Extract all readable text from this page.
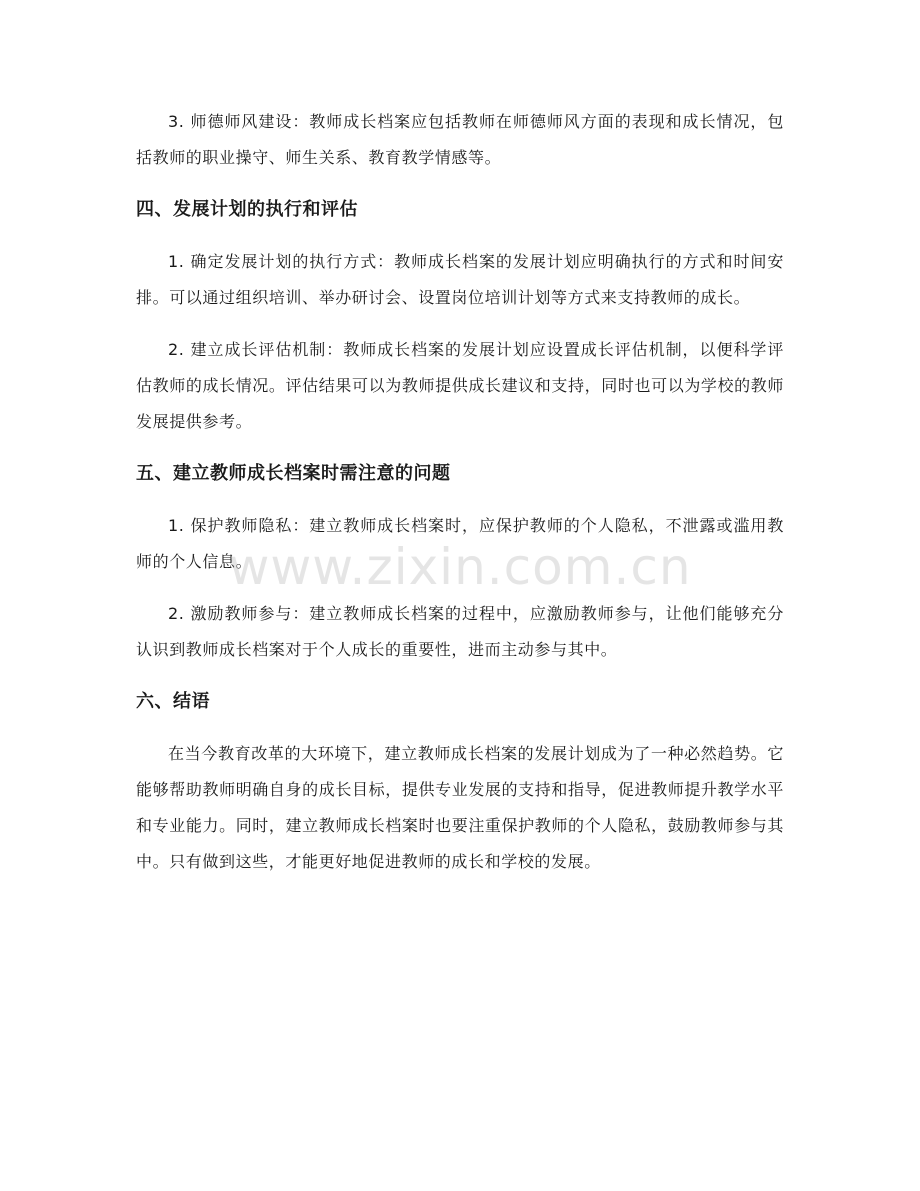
3. 师德师风建设：教师成长档案应包括教师在师德师风方面的表现和成长情况，包括教师的职业操守、师生关系、教育教学情感等。

四、发展计划的执行和评估

1. 确定发展计划的执行方式：教师成长档案的发展计划应明确执行的方式和时间安排。可以通过组织培训、举办研讨会、设置岗位培训计划等方式来支持教师的成长。

2. 建立成长评估机制：教师成长档案的发展计划应设置成长评估机制，以便科学评估教师的成长情况。评估结果可以为教师提供成长建议和支持，同时也可以为学校的教师发展提供参考。

五、建立教师成长档案时需注意的问题

1. 保护教师隐私：建立教师成长档案时，应保护教师的个人隐私，不泄露或滥用教师的个人信息。

2. 激励教师参与：建立教师成长档案的过程中，应激励教师参与，让他们能够充分认识到教师成长档案对于个人成长的重要性，进而主动参与其中。

六、结语

在当今教育改革的大环境下，建立教师成长档案的发展计划成为了一种必然趋势。它能够帮助教师明确自身的成长目标，提供专业发展的支持和指导，促进教师提升教学水平和专业能力。同时，建立教师成长档案时也要注重保护教师的个人隐私，鼓励教师参与其中。只有做到这些，才能更好地促进教师的成长和学校的发展。

www.zixin.com.cn
